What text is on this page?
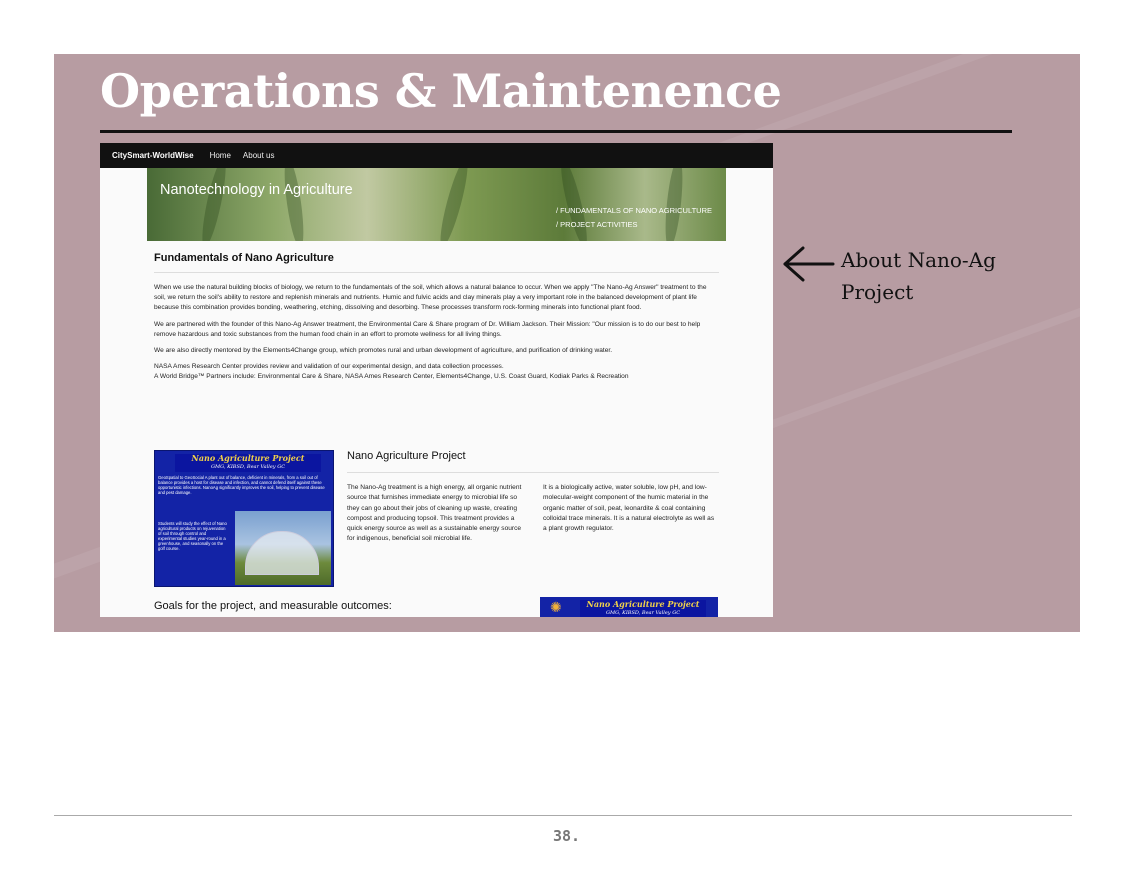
Operations & Maintenence
CitySmart-WorldWise Home About us
Nanotechnology in Agriculture
/ FUNDAMENTALS OF NANO AGRICULTURE
/ PROJECT ACTIVITIES
Fundamentals of Nano Agriculture

When we use the natural building blocks of biology, we return to the fundamentals of the soil, which allows a natural balance to occur. When we apply "The Nano-Ag Answer" treatment to the soil, we return the soil's ability to restore and replenish minerals and nutrients. Humic and fulvic acids and clay minerals play a very important role in the balanced development of plant life because this combination provides bonding, weathering, etching, dissolving and desorbing. These processes transform rock-forming minerals into functional plant food.

We are partnered with the founder of this Nano-Ag Answer treatment, the Environmental Care & Share program of Dr. William Jackson. Their Mission: "Our mission is to do our best to help remove hazardous and toxic substances from the human food chain in an effort to promote wellness for all living things.

We are also directly mentored by the Elements4Change group, which promotes rural and urban development of agriculture, and purification of drinking water.

NASA Ames Research Center provides review and validation of our experimental design, and data collection processes.

A World Bridge™ Partners include: Environmental Care & Share, NASA Ames Research Center, Elements4Change, U.S. Coast Guard, Kodiak Parks & Recreation

Nano Agriculture Project
GMG, KIBSD, Bear Valley GC
GeoSpatial to GeoSocial A plant out of balance, deficient in minerals, from a soil out of balance provides a host for disease and infection, and cannot defend itself against these opportunistic infections. NanoAg significantly improves the soil, helping to prevent disease and pest damage.
Students will study the effect of Nano agricultural products on rejuvenation of soil through control and experimental studies year-round in a greenhouse, and seasonally on the golf course.
Nano Agriculture Project

The Nano-Ag treatment is a high energy, all organic nutrient source that furnishes immediate energy to microbial life so they can go about their jobs of cleaning up waste, creating compost and producing topsoil. This treatment provides a quick energy source as well as a sustainable energy source for indigenous, beneficial soil microbial life.

It is a biologically active, water soluble, low pH, and low-molecular-weight component of the humic material in the organic matter of soil, peat, leonardite & coal containing colloidal trace minerals. It is a natural electrolyte as well as a plant growth regulator.

Goals for the project, and measurable outcomes:	✺	Nano Agriculture Project
GMG, KIBSD, Bear Valley GC
About Nano-Ag
Project
38.
